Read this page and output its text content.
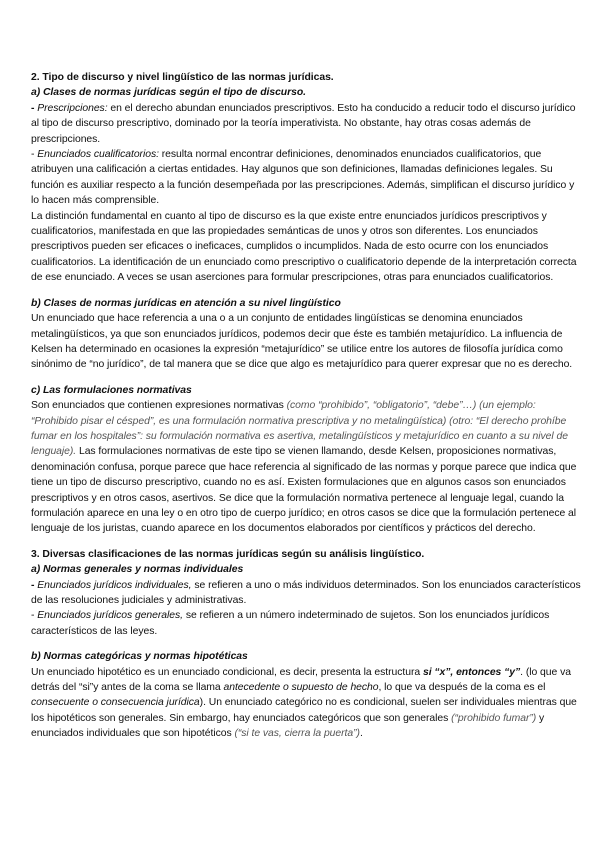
2. Tipo de discurso y nivel lingüístico de las normas jurídicas.

a) Clases de normas jurídicas según el tipo de discurso.

- Prescripciones: en el derecho abundan enunciados prescriptivos. Esto ha conducido a reducir todo el discurso jurídico al tipo de discurso prescriptivo, dominado por la teoría imperativista. No obstante, hay otras cosas además de prescripciones.

- Enunciados cualificatorios: resulta normal encontrar definiciones, denominados enunciados cualificatorios, que atribuyen una calificación a ciertas entidades. Hay algunos que son definiciones, llamadas definiciones legales. Su función es auxiliar respecto a la función desempeñada por las prescripciones. Además, simplifican el discurso jurídico y lo hacen más comprensible.

La distinción fundamental en cuanto al tipo de discurso es la que existe entre enunciados jurídicos prescriptivos y cualificatorios, manifestada en que las propiedades semánticas de unos y otros son diferentes. Los enunciados prescriptivos pueden ser eficaces o ineficaces, cumplidos o incumplidos. Nada de esto ocurre con los enunciados cualificatorios. La identificación de un enunciado como prescriptivo o cualificatorio depende de la interpretación correcta de ese enunciado. A veces se usan aserciones para formular prescripciones, otras para enunciados cualificatorios.

b) Clases de normas jurídicas en atención a su nivel lingüístico

Un enunciado que hace referencia a una o a un conjunto de entidades lingüísticas se denomina enunciados metalingüísticos, ya que son enunciados jurídicos, podemos decir que éste es también metajurídico. La influencia de Kelsen ha determinado en ocasiones la expresión “metajurídico” se utilice entre los autores de filosofía jurídica como sinónimo de “no jurídico”, de tal manera que se dice que algo es metajurídico para querer expresar que no es derecho.

c) Las formulaciones normativas

Son enunciados que contienen expresiones normativas (como “prohibido”, “obligatorio”, “debe”…) (un ejemplo: “Prohibido pisar el césped”, es una formulación normativa prescriptiva y no metalingüística) (otro: “El derecho prohíbe fumar en los hospitales”: su formulación normativa es asertiva, metalingüísticos y metajurídico en cuanto a su nivel de lenguaje). Las formulaciones normativas de este tipo se vienen llamando, desde Kelsen, proposiciones normativas, denominación confusa, porque parece que hace referencia al significado de las normas y porque parece que indica que tiene un tipo de discurso prescriptivo, cuando no es así. Existen formulaciones que en algunos casos son enunciados prescriptivos y en otros casos, asertivos. Se dice que la formulación normativa pertenece al lenguaje legal, cuando la formulación aparece en una ley o en otro tipo de cuerpo jurídico; en otros casos se dice que la formulación pertenece al lenguaje de los juristas, cuando aparece en los documentos elaborados por científicos y prácticos del derecho.

3. Diversas clasificaciones de las normas jurídicas según su análisis lingüístico.

a) Normas generales y normas individuales

- Enunciados jurídicos individuales, se refieren a uno o más individuos determinados. Son los enunciados característicos de las resoluciones judiciales y administrativas.

- Enunciados jurídicos generales, se refieren a un número indeterminado de sujetos. Son los enunciados jurídicos característicos de las leyes.

b) Normas categóricas y normas hipotéticas

Un enunciado hipotético es un enunciado condicional, es decir, presenta la estructura si “x”, entonces “y”. (lo que va detrás del “si”y antes de la coma se llama antecedente o supuesto de hecho, lo que va después de la coma es el consecuente o consecuencia jurídica). Un enunciado categórico no es condicional, suelen ser individuales mientras que los hipotéticos son generales. Sin embargo, hay enunciados categóricos que son generales (“prohibido fumar”) y enunciados individuales que son hipotéticos (“si te vas, cierra la puerta”).
